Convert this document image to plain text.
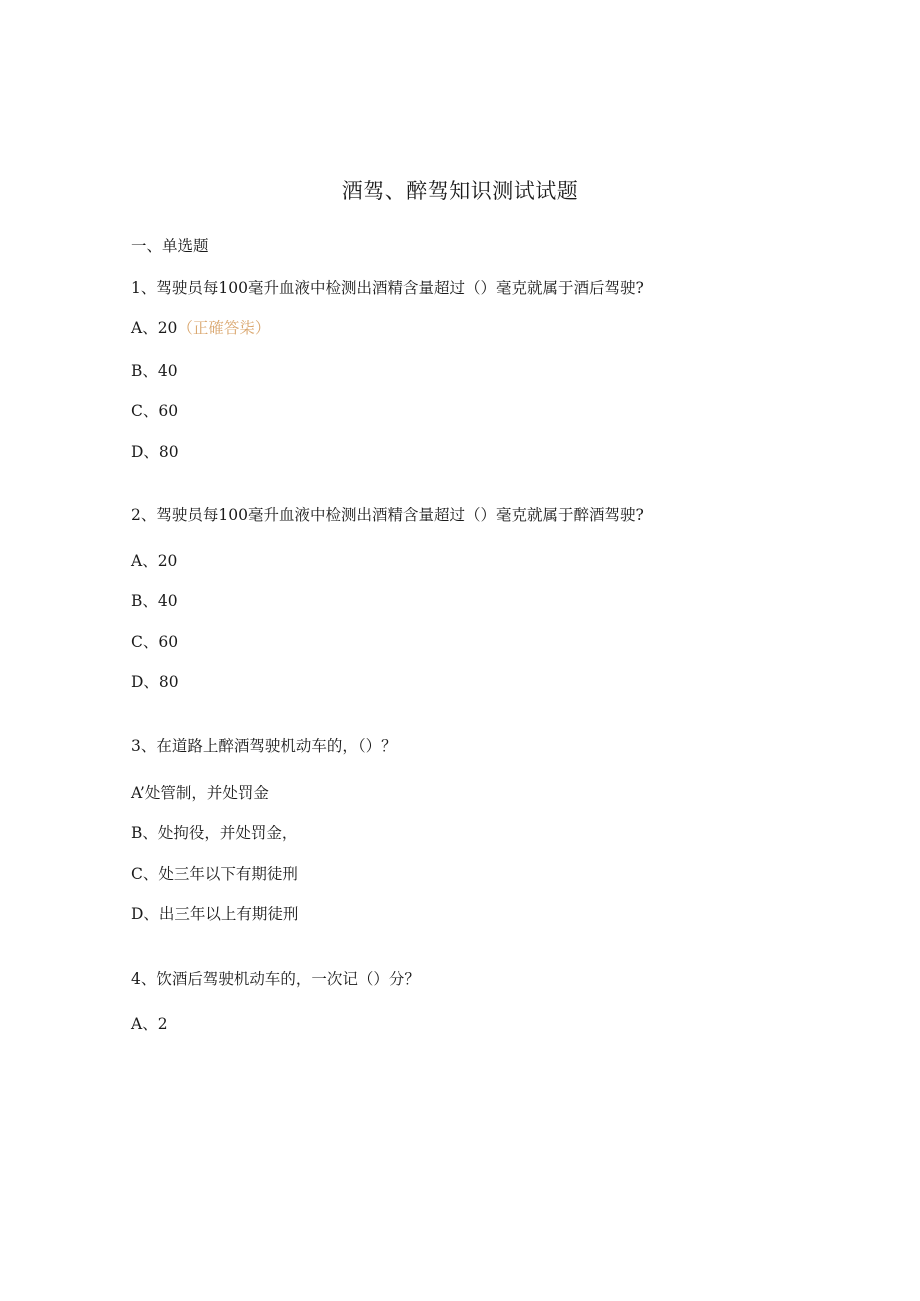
酒驾、醉驾知识测试试题
一、单选题
1、驾驶员每100毫升血液中检测出酒精含量超过（）毫克就属于酒后驾驶?
A、20（正確答柒）
B、40
C、60
D、80
2、驾驶员每100毫升血液中检测出酒精含量超过（）毫克就属于醉酒驾驶?
A、20
B、40
C、60
D、80
3、在道路上醉酒驾驶机动车的，（）？
A’处管制，并处罚金
B、处拘役，并处罚金，
C、处三年以下有期徒刑
D、出三年以上有期徒刑
4、饮酒后驾驶机动车的，一次记（）分？
A、2
